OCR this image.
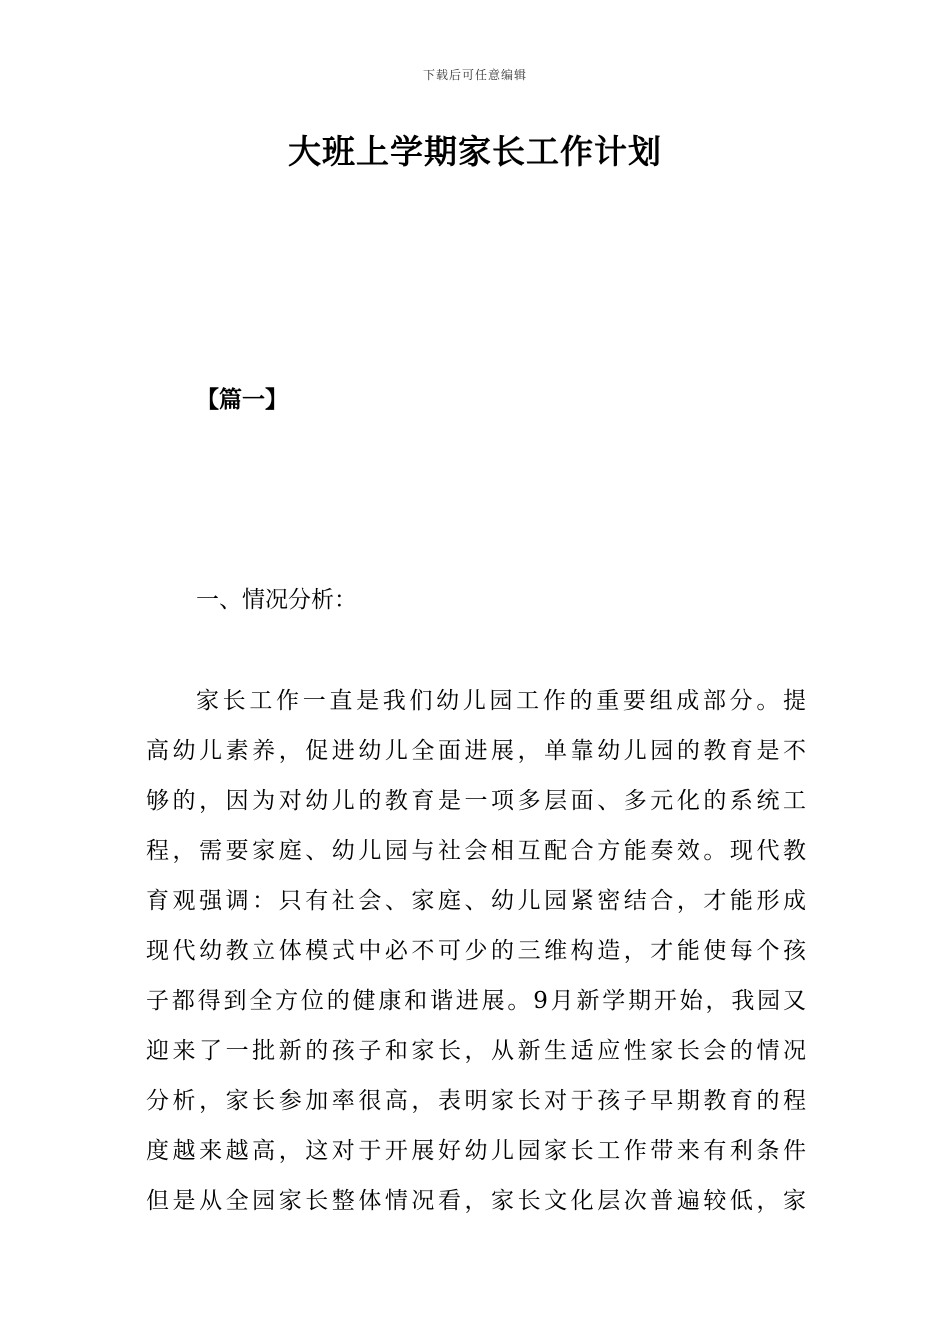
下载后可任意编辑
大班上学期家长工作计划
【篇一】
一、情况分析：
家长工作一直是我们幼儿园工作的重要组成部分。提
高幼儿素养，促进幼儿全面进展，单靠幼儿园的教育是不
够的，因为对幼儿的教育是一项多层面、多元化的系统工
程，需要家庭、幼儿园与社会相互配合方能奏效。现代教
育观强调：只有社会、家庭、幼儿园紧密结合，才能形成
现代幼教立体模式中必不可少的三维构造，才能使每个孩
子都得到全方位的健康和谐进展。9月新学期开始，我园又
迎来了一批新的孩子和家长，从新生适应性家长会的情况
分析，家长参加率很高，表明家长对于孩子早期教育的程
度越来越高，这对于开展好幼儿园家长工作带来有利条件
但是从全园家长整体情况看，家长文化层次普遍较低，家
